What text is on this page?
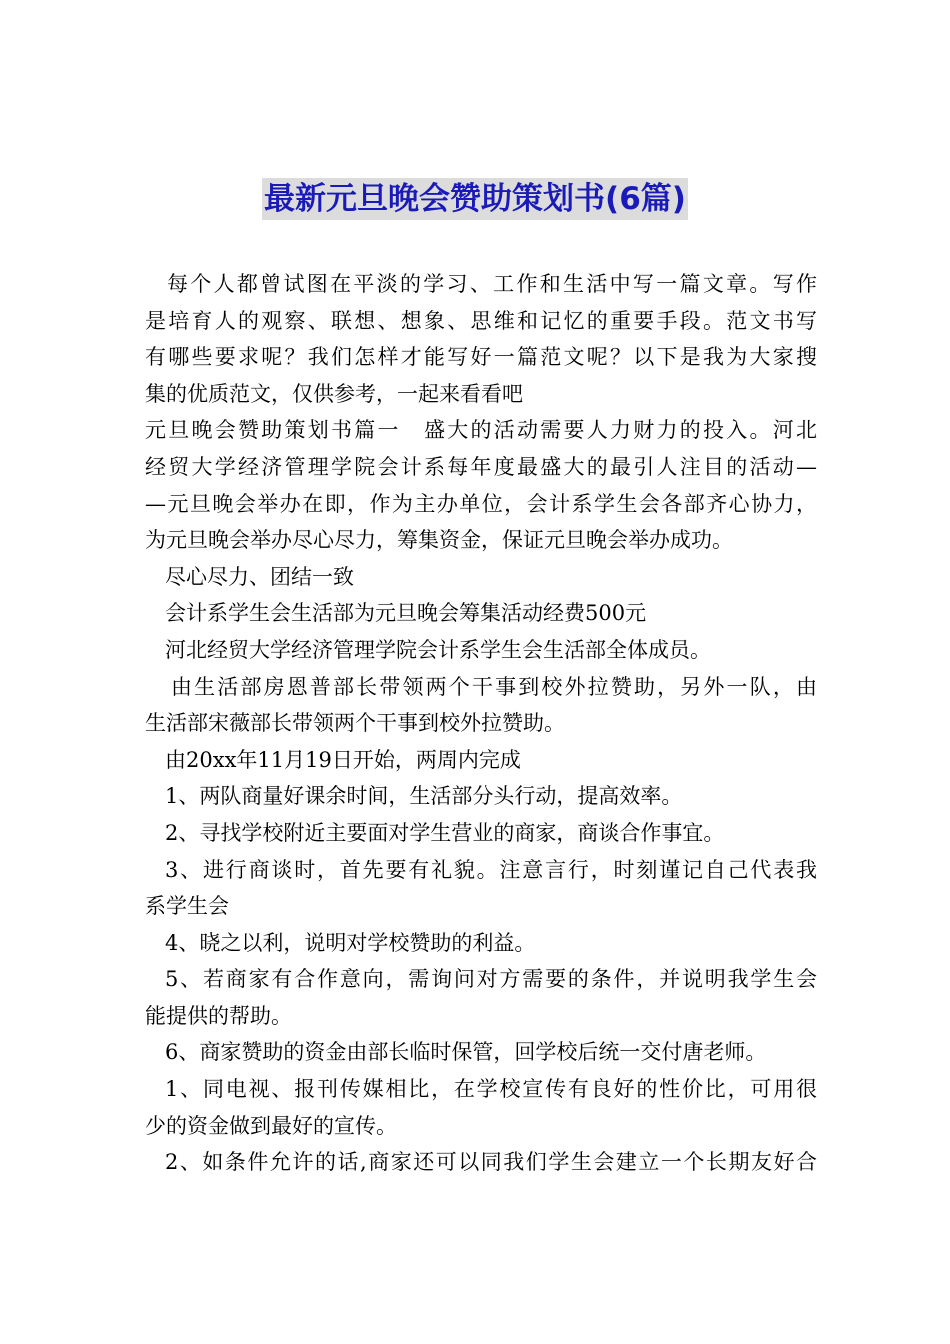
最新元旦晚会赞助策划书(6篇)
每个人都曾试图在平淡的学习、工作和生活中写一篇文章。写作
是培育人的观察、联想、想象、思维和记忆的重要手段。范文书写
有哪些要求呢？我们怎样才能写好一篇范文呢？以下是我为大家搜
集的优质范文，仅供参考，一起来看看吧
元旦晚会赞助策划书篇一　盛大的活动需要人力财力的投入。河北
经贸大学经济管理学院会计系每年度最盛大的最引人注目的活动—
—元旦晚会举办在即，作为主办单位，会计系学生会各部齐心协力，
为元旦晚会举办尽心尽力，筹集资金，保证元旦晚会举办成功。
尽心尽力、团结一致
会计系学生会生活部为元旦晚会筹集活动经费500元
河北经贸大学经济管理学院会计系学生会生活部全体成员。
由生活部房恩普部长带领两个干事到校外拉赞助，另外一队，由
生活部宋薇部长带领两个干事到校外拉赞助。
由20xx年11月19日开始，两周内完成
1、两队商量好课余时间，生活部分头行动，提高效率。
2、寻找学校附近主要面对学生营业的商家，商谈合作事宜。
3、进行商谈时，首先要有礼貌。注意言行，时刻谨记自己代表我
系学生会
4、晓之以利，说明对学校赞助的利益。
5、若商家有合作意向，需询问对方需要的条件，并说明我学生会
能提供的帮助。
6、商家赞助的资金由部长临时保管，回学校后统一交付唐老师。
1、同电视、报刊传媒相比，在学校宣传有良好的性价比，可用很
少的资金做到最好的宣传。
2、如条件允许的话,商家还可以同我们学生会建立一个长期友好合
